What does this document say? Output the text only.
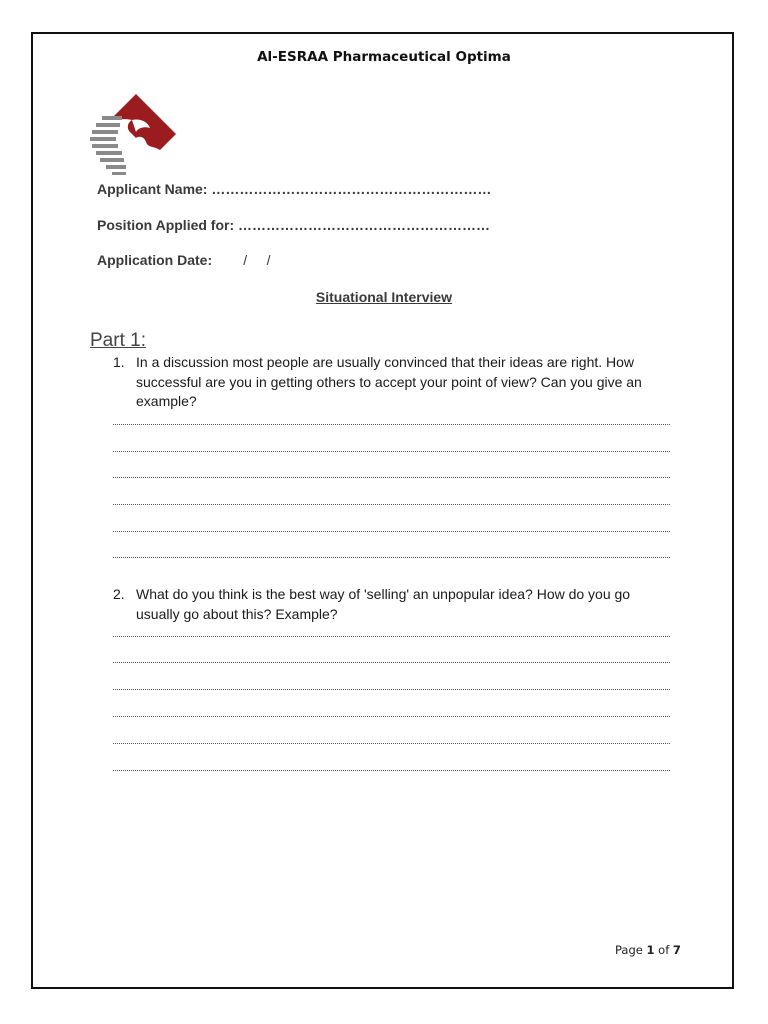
Al-ESRAA Pharmaceutical Optima
Applicant Name: ……………………………………………………
Position Applied for: ………………………………………………
Application Date:        /     /
Situational Interview
Part 1:
1. In a discussion most people are usually convinced that their ideas are right. How successful are you in getting others to accept your point of view? Can you give an example?
2. What do you think is the best way of 'selling' an unpopular idea? How do you go usually go about this? Example?
Page 1 of 7
